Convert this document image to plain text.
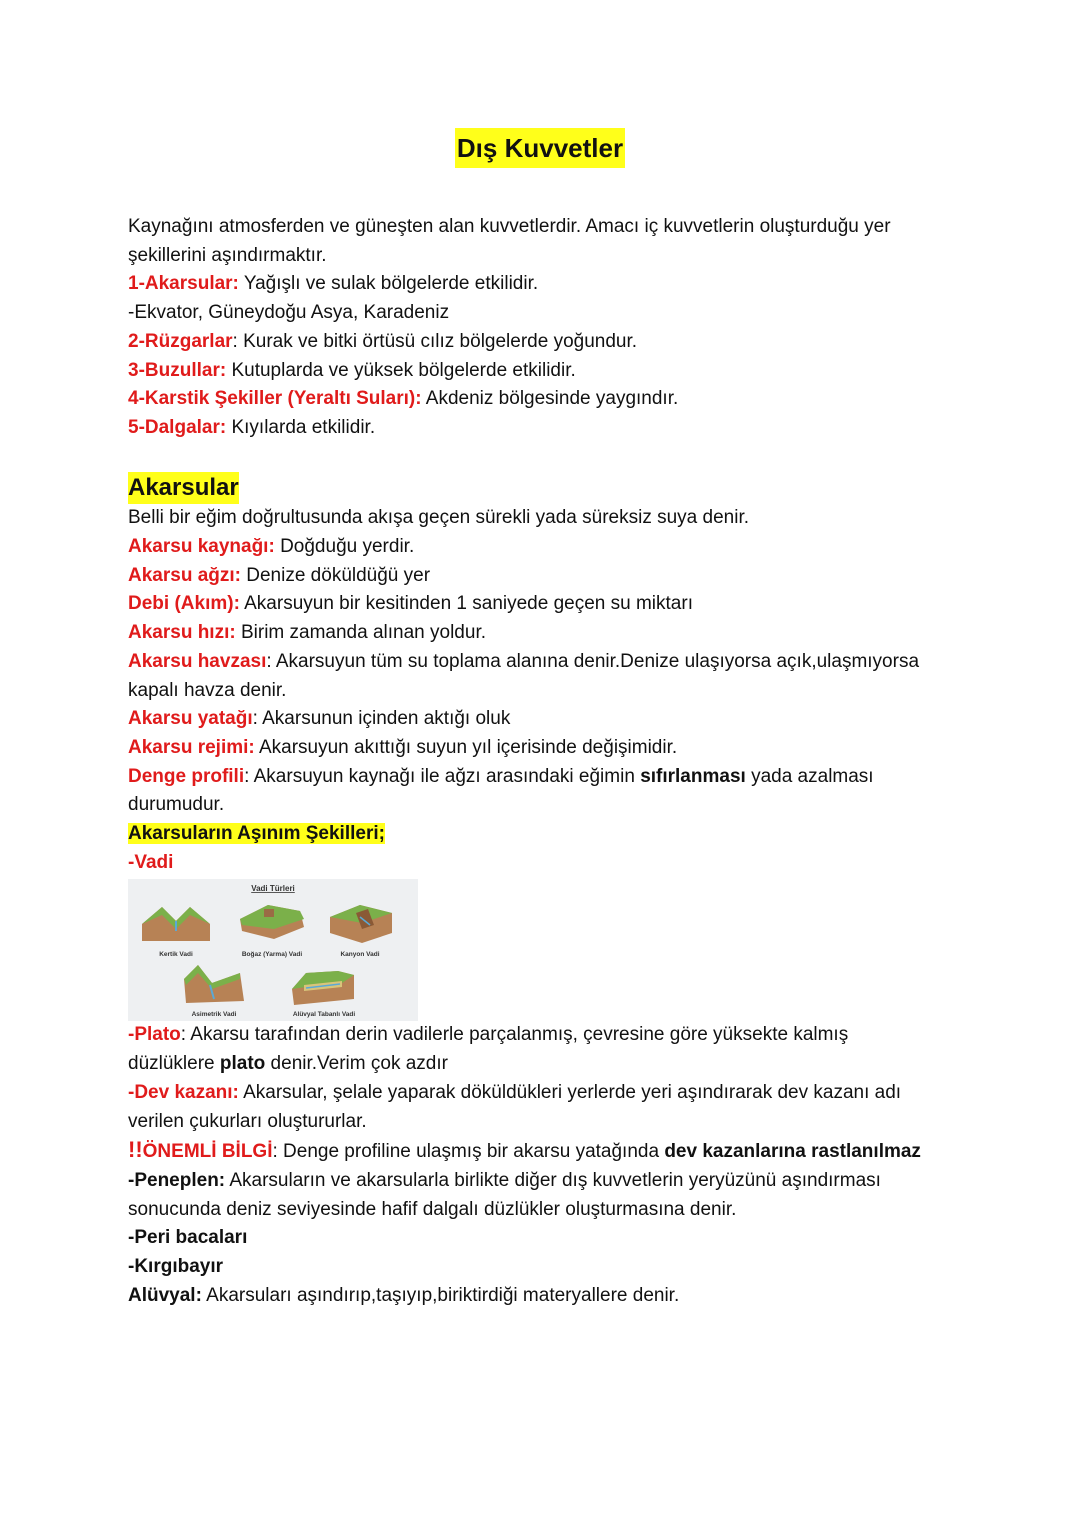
Dış Kuvvetler
Kaynağını atmosferden ve güneşten alan kuvvetlerdir. Amacı iç kuvvetlerin oluşturduğu yer
şekillerini aşındırmaktır.
1-Akarsular: Yağışlı ve sulak bölgelerde etkilidir.
-Ekvator, Güneydoğu Asya, Karadeniz
2-Rüzgarlar: Kurak ve bitki örtüsü cılız bölgelerde yoğundur.
3-Buzullar: Kutuplarda ve yüksek bölgelerde etkilidir.
4-Karstik Şekiller (Yeraltı Suları): Akdeniz bölgesinde yaygındır.
5-Dalgalar: Kıyılarda etkilidir.
Akarsular
Belli bir eğim doğrultusunda akışa geçen sürekli yada süreksiz suya denir.
Akarsu kaynağı: Doğduğu yerdir.
Akarsu ağzı: Denize döküldüğü yer
Debi (Akım): Akarsuyun bir kesitinden 1 saniyede geçen su miktarı
Akarsu hızı: Birim zamanda alınan yoldur.
Akarsu havzası: Akarsuyun tüm su toplama alanına denir.Denize ulaşıyorsa açık,ulaşmıyorsa
kapalı havza denir.
Akarsu yatağı: Akarsunun içinden aktığı oluk
Akarsu rejimi: Akarsuyun akıttığı suyun yıl içerisinde değişimidir.
Denge profili: Akarsuyun kaynağı ile ağzı arasındaki eğimin sıfırlanması yada azalması
durumudur.
Akarsuların Aşınım Şekilleri;
-Vadi
Vadi Türleri
Kertik Vadi	Boğaz (Yarma) Vadi	Kanyon Vadi
Asimetrik Vadi	Alüvyal Tabanlı Vadi
-Plato: Akarsu tarafından derin vadilerle parçalanmış, çevresine göre yüksekte kalmış
düzlüklere plato denir.Verim çok azdır
-Dev kazanı: Akarsular, şelale yaparak döküldükleri yerlerde yeri aşındırarak dev kazanı adı
verilen çukurları oluştururlar.
!!ÖNEMLİ BİLGİ: Denge profiline ulaşmış bir akarsu yatağında dev kazanlarına rastlanılmaz
-Peneplen: Akarsuların ve akarsularla birlikte diğer dış kuvvetlerin yeryüzünü aşındırması
sonucunda deniz seviyesinde hafif dalgalı düzlükler oluşturmasına denir.
-Peri bacaları
-Kırgıbayır
Alüvyal: Akarsuları aşındırıp,taşıyıp,biriktirdiği materyallere denir.
